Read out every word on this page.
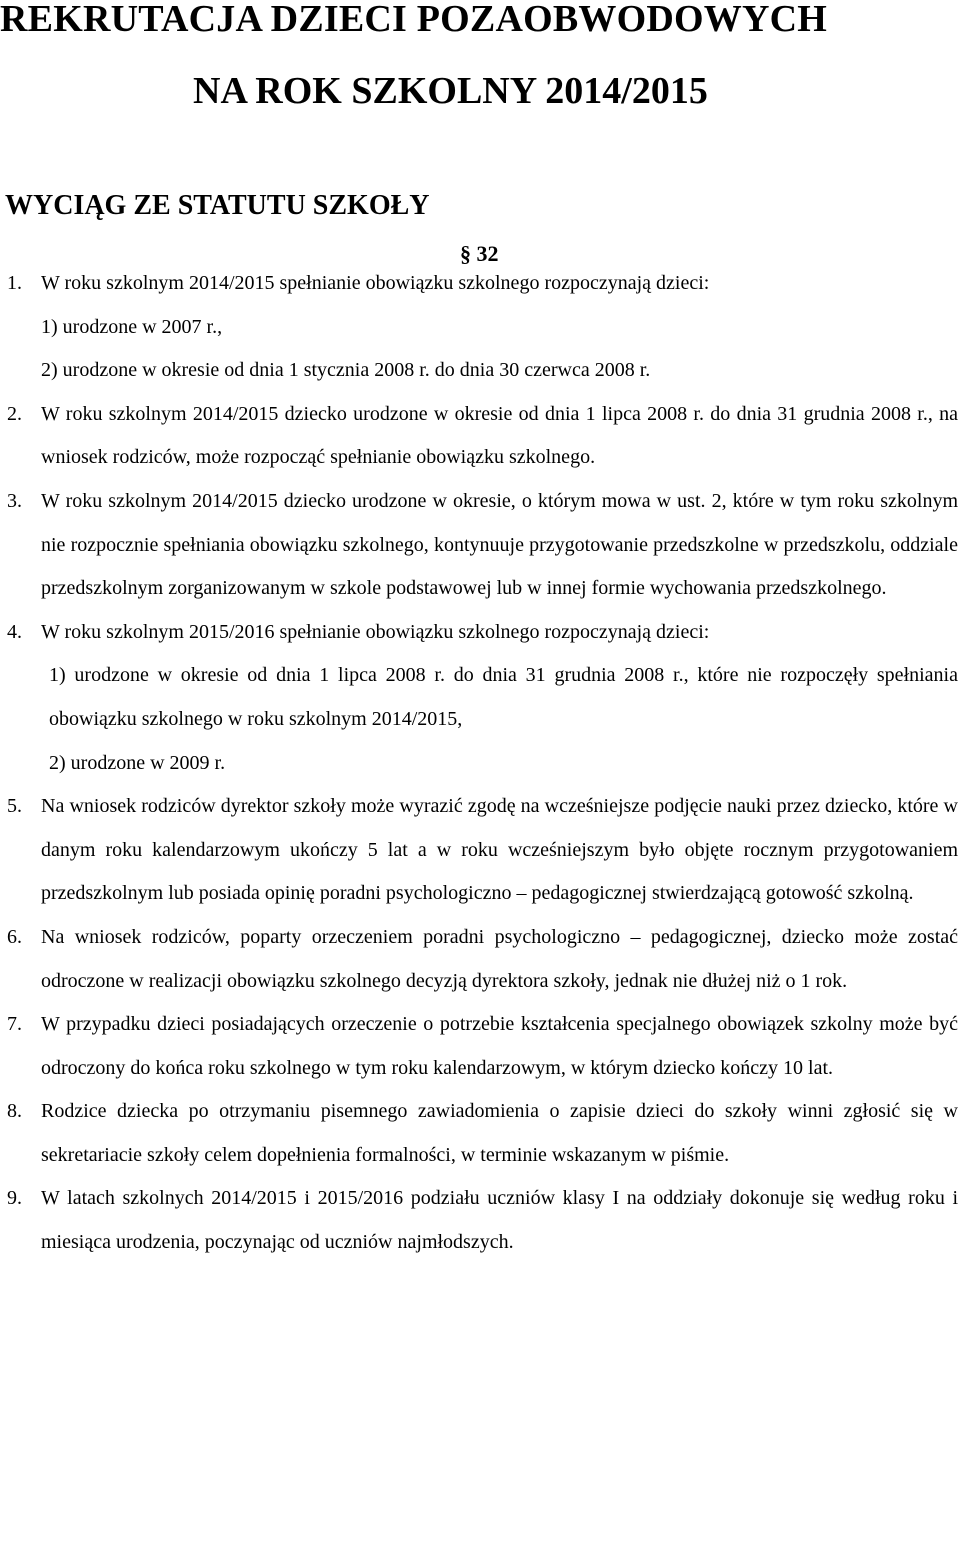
REKRUTACJA DZIECI POZAOBWODOWYCH
NA ROK SZKOLNY 2014/2015
WYCIĄG ZE STATUTU SZKOŁY
§ 32
1. W roku szkolnym 2014/2015 spełnianie obowiązku szkolnego rozpoczynają dzieci:
1) urodzone w 2007 r.,
2) urodzone w okresie od dnia 1 stycznia 2008 r. do dnia 30 czerwca 2008 r.
2. W roku szkolnym 2014/2015 dziecko urodzone w okresie od dnia 1 lipca 2008 r. do dnia 31 grudnia 2008 r., na wniosek rodziców, może rozpocząć spełnianie obowiązku szkolnego.
3. W roku szkolnym 2014/2015 dziecko urodzone w okresie, o którym mowa w ust. 2, które w tym roku szkolnym nie rozpocznie spełniania obowiązku szkolnego, kontynuuje przygotowanie przedszkolne w przedszkolu, oddziale przedszkolnym zorganizowanym w szkole podstawowej lub w innej formie wychowania przedszkolnego.
4. W roku szkolnym 2015/2016 spełnianie obowiązku szkolnego rozpoczynają dzieci:
1) urodzone w okresie od dnia 1 lipca 2008 r. do dnia 31 grudnia 2008 r., które nie rozpoczęły spełniania obowiązku szkolnego w roku szkolnym 2014/2015,
2) urodzone w 2009 r.
5. Na wniosek rodziców dyrektor szkoły może wyrazić zgodę na wcześniejsze podjęcie nauki przez dziecko, które w danym roku kalendarzowym ukończy 5 lat a w roku wcześniejszym było objęte rocznym przygotowaniem przedszkolnym lub posiada opinię poradni psychologiczno – pedagogicznej stwierdzającą gotowość szkolną.
6. Na wniosek rodziców, poparty orzeczeniem poradni psychologiczno – pedagogicznej, dziecko może zostać odroczone w realizacji obowiązku szkolnego decyzją dyrektora szkoły, jednak nie dłużej niż o 1 rok.
7. W przypadku dzieci posiadających orzeczenie o potrzebie kształcenia specjalnego obowiązek szkolny może być odroczony do końca roku szkolnego w tym roku kalendarzowym, w którym dziecko kończy 10 lat.
8. Rodzice dziecka po otrzymaniu pisemnego zawiadomienia o zapisie dzieci do szkoły winni zgłosić się w sekretariacie szkoły celem dopełnienia formalności, w terminie wskazanym w piśmie.
9. W latach szkolnych 2014/2015 i 2015/2016 podziału uczniów klasy I na oddziały dokonuje się według roku i miesiąca urodzenia, poczynając od uczniów najmłodszych.
